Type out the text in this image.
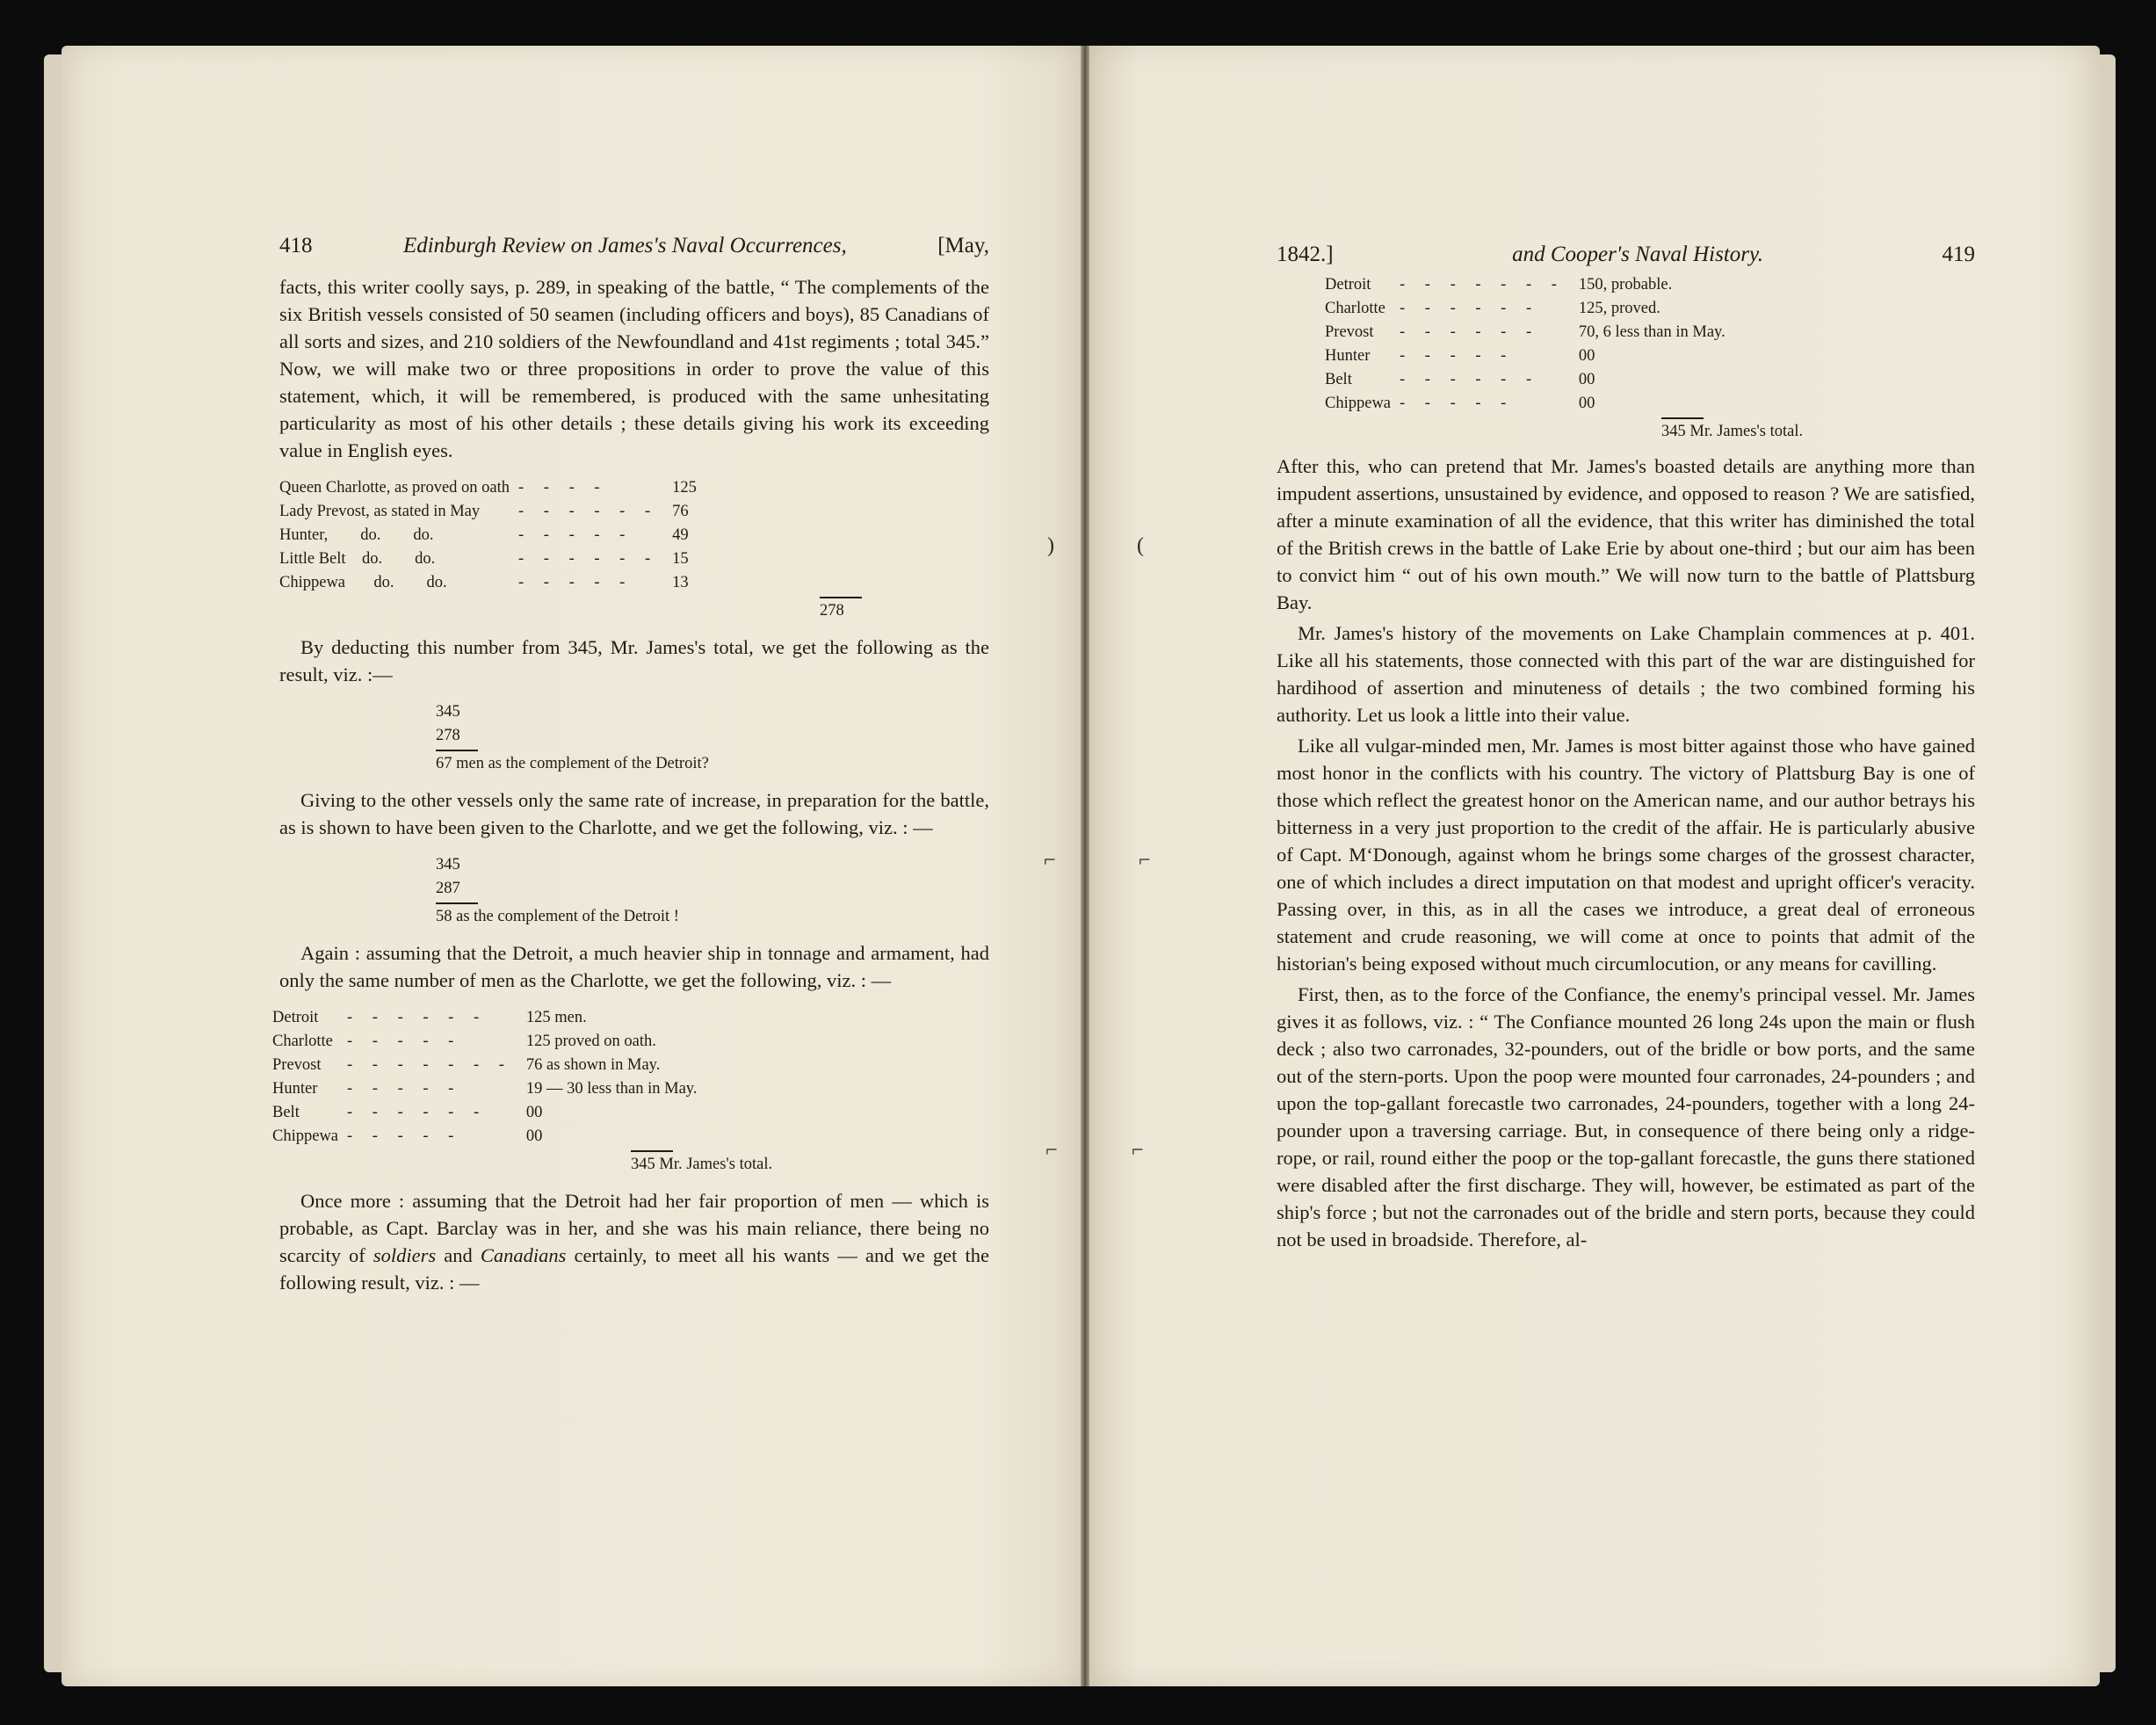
418	Edinburgh Review on James's Naval Occurrences,	[May,

facts, this writer coolly says, p. 289, in speaking of the battle, “ The complements of the six British vessels consisted of 50 seamen (including officers and boys), 85 Canadians of all sorts and sizes, and 210 soldiers of the Newfoundland and 41st regiments ; total 345.” Now, we will make two or three propositions in order to prove the value of this statement, which, it will be remembered, is produced with the same unhesitating particularity as most of his other details ; these details giving his work its exceeding value in English eyes.

Queen Charlotte, as proved on oath	- - - -	125
Lady Prevost, as stated in May	- - - - - -	76
Hunter,        do.        do.	- - - - -	49
Little Belt    do.        do.	- - - - - -	15
Chippewa       do.        do.	- - - - -	13
278

By deducting this number from 345, Mr. James's total, we get the following as the result, viz. :—

345
278
67 men as the complement of the Detroit?

Giving to the other vessels only the same rate of increase, in preparation for the battle, as is shown to have been given to the Charlotte, and we get the following, viz. : —

345
287
58 as the complement of the Detroit !

Again : assuming that the Detroit, a much heavier ship in tonnage and armament, had only the same number of men as the Charlotte, we get the following, viz. : —

Detroit	- - - - - -	125 men.
Charlotte	- - - - -	125 proved on oath.
Prevost	- - - - - - -	76 as shown in May.
Hunter	- - - - -	19 — 30 less than in May.
Belt	- - - - - -	00
Chippewa	- - - - -	00
345 Mr. James's total.

Once more : assuming that the Detroit had her fair proportion of men — which is probable, as Capt. Barclay was in her, and she was his main reliance, there being no scarcity of soldiers and Canadians certainly, to meet all his wants — and we get the following result, viz. : —

)
⌐
⌐
1842.]	and Cooper's Naval History.	419
Detroit	- - - - - - -	150, probable.
Charlotte	- - - - - -	125, proved.
Prevost	- - - - - -	70, 6 less than in May.
Hunter	- - - - -	00
Belt	- - - - - -	00
Chippewa	- - - - -	00
345 Mr. James's total.

After this, who can pretend that Mr. James's boasted details are anything more than impudent assertions, unsustained by evidence, and opposed to reason ? We are satisfied, after a minute examination of all the evidence, that this writer has diminished the total of the British crews in the battle of Lake Erie by about one-third ; but our aim has been to convict him “ out of his own mouth.” We will now turn to the battle of Plattsburg Bay.

Mr. James's history of the movements on Lake Champlain commences at p. 401. Like all his statements, those connected with this part of the war are distinguished for hardihood of assertion and minuteness of details ; the two combined forming his authority. Let us look a little into their value.

Like all vulgar-minded men, Mr. James is most bitter against those who have gained most honor in the conflicts with his country. The victory of Plattsburg Bay is one of those which reflect the greatest honor on the American name, and our author betrays his bitterness in a very just proportion to the credit of the affair. He is particularly abusive of Capt. M‘Donough, against whom he brings some charges of the grossest character, one of which includes a direct imputation on that modest and upright officer's veracity. Passing over, in this, as in all the cases we introduce, a great deal of erroneous statement and crude reasoning, we will come at once to points that admit of the historian's being exposed without much circumlocution, or any means for cavilling.

First, then, as to the force of the Confiance, the enemy's principal vessel. Mr. James gives it as follows, viz. : “ The Confiance mounted 26 long 24s upon the main or flush deck ; also two carronades, 32-pounders, out of the bridle or bow ports, and the same out of the stern-ports. Upon the poop were mounted four carronades, 24-pounders ; and upon the top-gallant forecastle two carronades, 24-pounders, together with a long 24-pounder upon a traversing carriage. But, in consequence of there being only a ridge-rope, or rail, round either the poop or the top-gallant forecastle, the guns there stationed were disabled after the first discharge. They will, however, be estimated as part of the ship's force ; but not the carronades out of the bridle and stern ports, because they could not be used in broadside. Therefore, al-

(
⌐
⌐
